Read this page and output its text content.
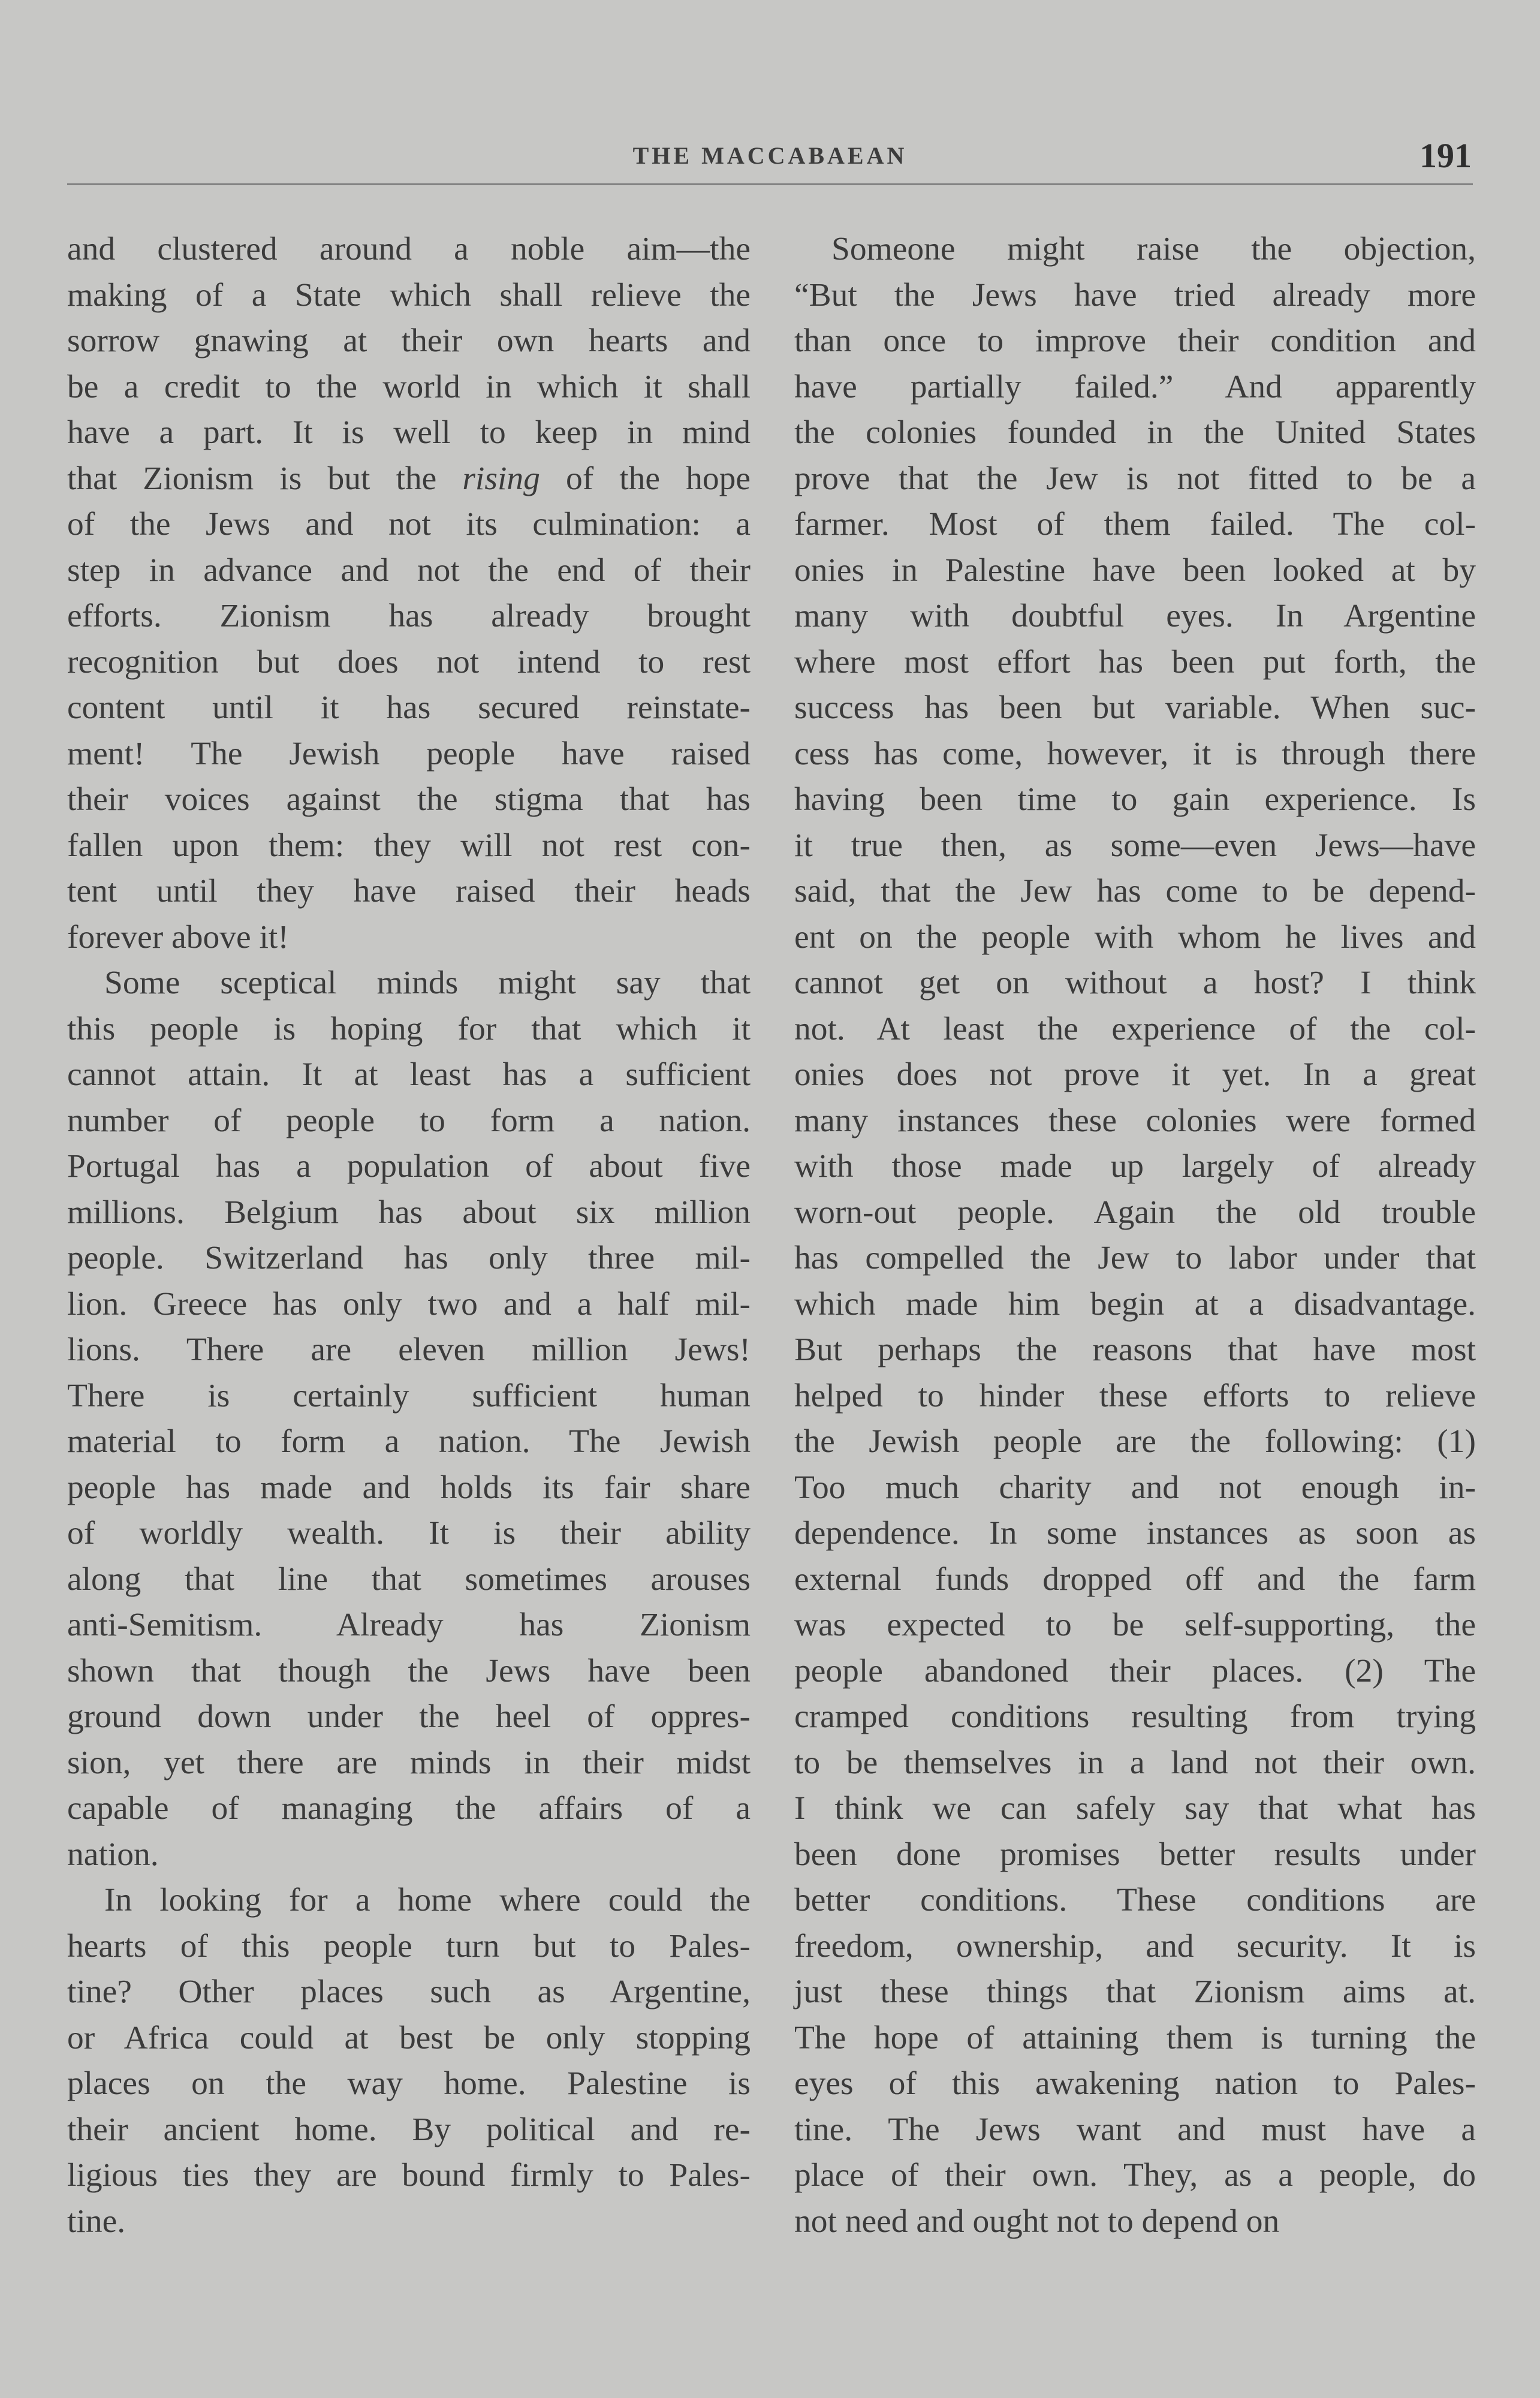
THE MACCABAEAN	191

and clustered around a noble aim—the
making of a State which shall relieve the
sorrow gnawing at their own hearts and
be a credit to the world in which it shall
have a part. It is well to keep in mind
that Zionism is but the rising of the hope
of the Jews and not its culmination: a
step in advance and not the end of their
efforts. Zionism has already brought
recognition but does not intend to rest
content until it has secured reinstate-
ment! The Jewish people have raised
their voices against the stigma that has
fallen upon them: they will not rest con-
tent until they have raised their heads
forever above it!

Some sceptical minds might say that
this people is hoping for that which it
cannot attain. It at least has a sufficient
number of people to form a nation.
Portugal has a population of about five
millions. Belgium has about six million
people. Switzerland has only three mil-
lion. Greece has only two and a half mil-
lions. There are eleven million Jews!
There is certainly sufficient human
material to form a nation. The Jewish
people has made and holds its fair share
of worldly wealth. It is their ability
along that line that sometimes arouses
anti-Semitism. Already has Zionism
shown that though the Jews have been
ground down under the heel of oppres-
sion, yet there are minds in their midst
capable of managing the affairs of a
nation.

In looking for a home where could the
hearts of this people turn but to Pales-
tine? Other places such as Argentine,
or Africa could at best be only stopping
places on the way home. Palestine is
their ancient home. By political and re-
ligious ties they are bound firmly to Pales-
tine.

Someone might raise the objection,
“But the Jews have tried already more
than once to improve their condition and
have partially failed.” And apparently
the colonies founded in the United States
prove that the Jew is not fitted to be a
farmer. Most of them failed. The col-
onies in Palestine have been looked at by
many with doubtful eyes. In Argentine
where most effort has been put forth, the
success has been but variable. When suc-
cess has come, however, it is through there
having been time to gain experience. Is
it true then, as some—even Jews—have
said, that the Jew has come to be depend-
ent on the people with whom he lives and
cannot get on without a host? I think
not. At least the experience of the col-
onies does not prove it yet. In a great
many instances these colonies were formed
with those made up largely of already
worn-out people. Again the old trouble
has compelled the Jew to labor under that
which made him begin at a disadvantage.
But perhaps the reasons that have most
helped to hinder these efforts to relieve
the Jewish people are the following: (1)
Too much charity and not enough in-
dependence. In some instances as soon as
external funds dropped off and the farm
was expected to be self-supporting, the
people abandoned their places. (2) The
cramped conditions resulting from trying
to be themselves in a land not their own.
I think we can safely say that what has
been done promises better results under
better conditions. These conditions are
freedom, ownership, and security. It is
just these things that Zionism aims at.
The hope of attaining them is turning the
eyes of this awakening nation to Pales-
tine. The Jews want and must have a
place of their own. They, as a people, do
not need and ought not to depend on
